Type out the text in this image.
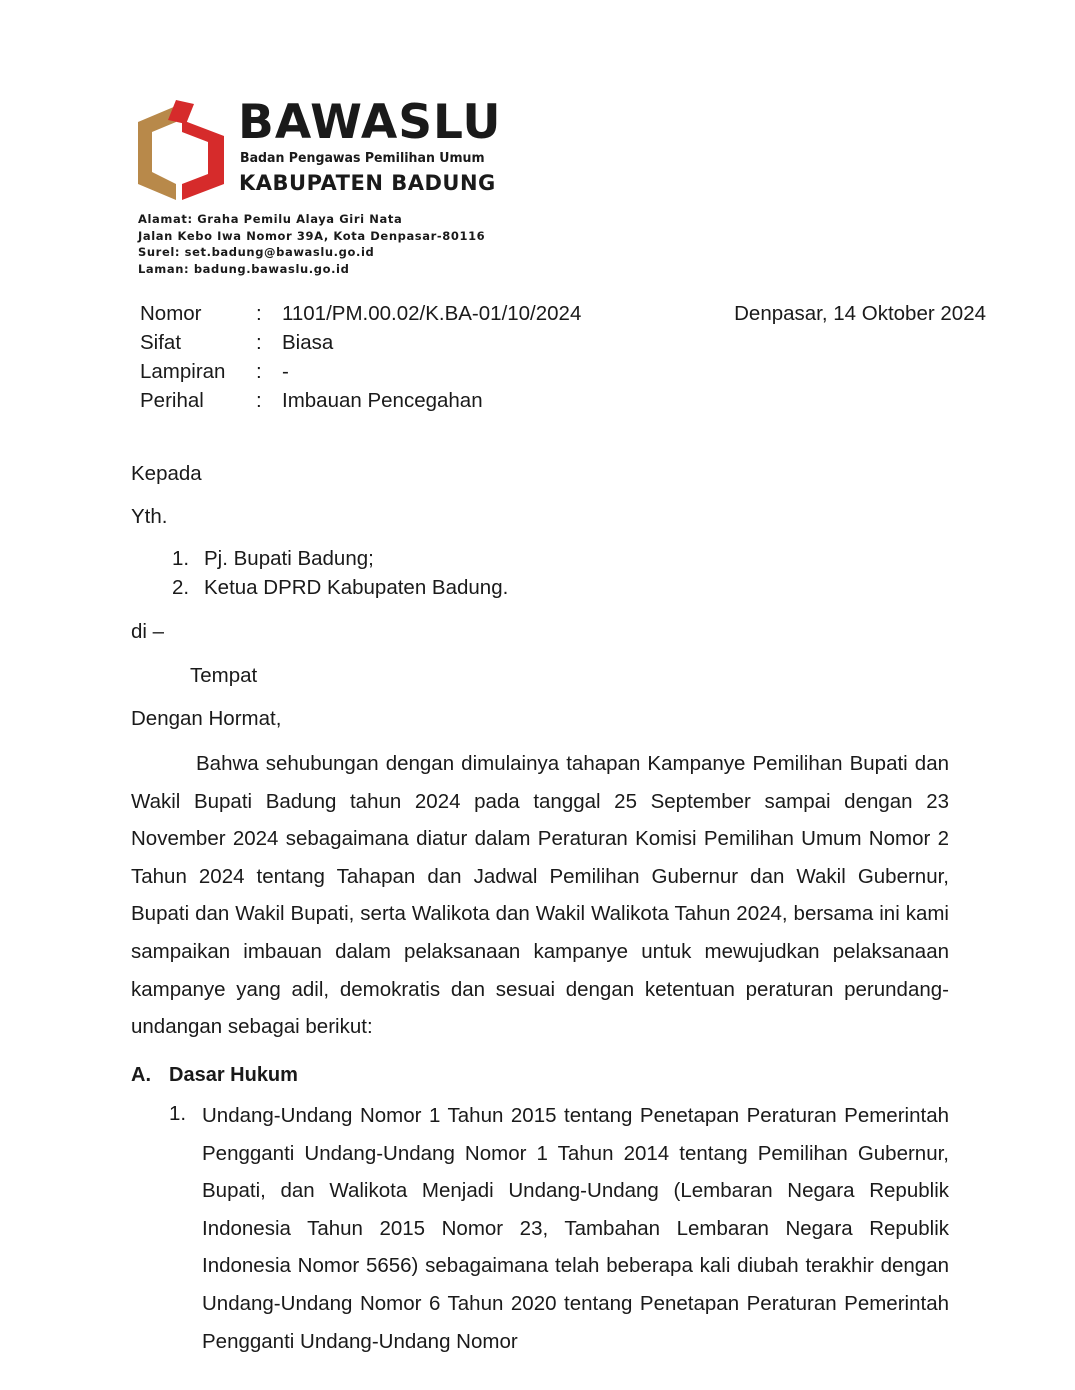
BAWASLU
Badan Pengawas Pemilihan Umum
KABUPATEN BADUNG
Alamat: Graha Pemilu Alaya Giri Nata
Jalan Kebo Iwa Nomor 39A, Kota Denpasar-80116
Surel: set.badung@bawaslu.go.id
Laman: badung.bawaslu.go.id
Nomor	: 1101/PM.00.02/K.BA-01/10/2024
Sifat	: Biasa
Lampiran : -
Perihal	: Imbauan Pencegahan
Denpasar, 14 Oktober 2024
Kepada
Yth.
1. Pj. Bupati Badung;
2. Ketua DPRD Kabupaten Badung.
di –
Tempat
Dengan Hormat,

Bahwa sehubungan dengan dimulainya tahapan Kampanye Pemilihan Bupati dan Wakil Bupati Badung tahun 2024 pada tanggal 25 September sampai dengan 23 November 2024 sebagaimana diatur dalam Peraturan Komisi Pemilihan Umum Nomor 2 Tahun 2024 tentang Tahapan dan Jadwal Pemilihan Gubernur dan Wakil Gubernur, Bupati dan Wakil Bupati, serta Walikota dan Wakil Walikota Tahun 2024, bersama ini kami sampaikan imbauan dalam pelaksanaan kampanye untuk mewujudkan pelaksanaan kampanye yang adil, demokratis dan sesuai dengan ketentuan peraturan perundang-undangan sebagai berikut:

A. Dasar Hukum
1. Undang-Undang Nomor 1 Tahun 2015 tentang Penetapan Peraturan Pemerintah Pengganti Undang-Undang Nomor 1 Tahun 2014 tentang Pemilihan Gubernur, Bupati, dan Walikota Menjadi Undang-Undang (Lembaran Negara Republik Indonesia Tahun 2015 Nomor 23, Tambahan Lembaran Negara Republik Indonesia Nomor 5656) sebagaimana telah beberapa kali diubah terakhir dengan Undang-Undang Nomor 6 Tahun 2020 tentang Penetapan Peraturan Pemerintah Pengganti Undang-Undang Nomor
